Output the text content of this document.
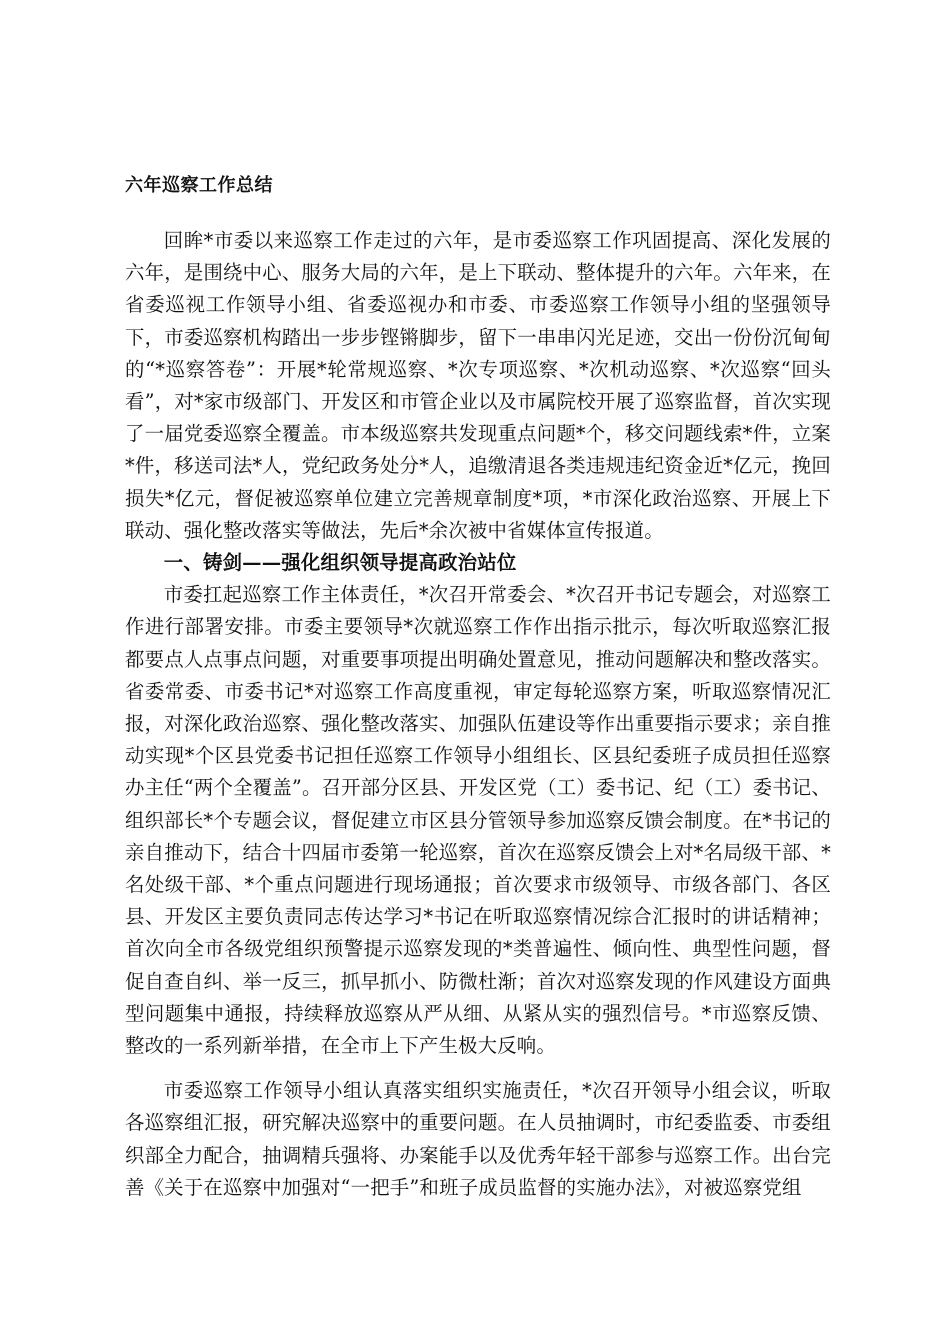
六年巡察工作总结

回眸*市委以来巡察工作走过的六年，是市委巡察工作巩固提高、深化发展的六年，是围绕中心、服务大局的六年，是上下联动、整体提升的六年。六年来，在省委巡视工作领导小组、省委巡视办和市委、市委巡察工作领导小组的坚强领导下，市委巡察机构踏出一步步铿锵脚步，留下一串串闪光足迹，交出一份份沉甸甸的“*巡察答卷”：开展*轮常规巡察、*次专项巡察、*次机动巡察、*次巡察“回头看”，对*家市级部门、开发区和市管企业以及市属院校开展了巡察监督，首次实现了一届党委巡察全覆盖。市本级巡察共发现重点问题*个，移交问题线索*件，立案*件，移送司法*人，党纪政务处分*人，追缴清退各类违规违纪资金近*亿元，挽回损失*亿元，督促被巡察单位建立完善规章制度*项，*市深化政治巡察、开展上下联动、强化整改落实等做法，先后*余次被中省媒体宣传报道。

一、铸剑——强化组织领导提高政治站位

市委扛起巡察工作主体责任，*次召开常委会、*次召开书记专题会，对巡察工作进行部署安排。市委主要领导*次就巡察工作作出指示批示，每次听取巡察汇报都要点人点事点问题，对重要事项提出明确处置意见，推动问题解决和整改落实。省委常委、市委书记*对巡察工作高度重视，审定每轮巡察方案，听取巡察情况汇报，对深化政治巡察、强化整改落实、加强队伍建设等作出重要指示要求；亲自推动实现*个区县党委书记担任巡察工作领导小组组长、区县纪委班子成员担任巡察办主任“两个全覆盖”。召开部分区县、开发区党（工）委书记、纪（工）委书记、组织部长*个专题会议，督促建立市区县分管领导参加巡察反馈会制度。在*书记的亲自推动下，结合十四届市委第一轮巡察，首次在巡察反馈会上对*名局级干部、*名处级干部、*个重点问题进行现场通报；首次要求市级领导、市级各部门、各区县、开发区主要负责同志传达学习*书记在听取巡察情况综合汇报时的讲话精神；首次向全市各级党组织预警提示巡察发现的*类普遍性、倾向性、典型性问题，督促自查自纠、举一反三，抓早抓小、防微杜渐；首次对巡察发现的作风建设方面典型问题集中通报，持续释放巡察从严从细、从紧从实的强烈信号。*市巡察反馈、整改的一系列新举措，在全市上下产生极大反响。

市委巡察工作领导小组认真落实组织实施责任，*次召开领导小组会议，听取各巡察组汇报，研究解决巡察中的重要问题。在人员抽调时，市纪委监委、市委组织部全力配合，抽调精兵强将、办案能手以及优秀年轻干部参与巡察工作。出台完善《关于在巡察中加强对“一把手”和班子成员监督的实施办法》，对被巡察党组
